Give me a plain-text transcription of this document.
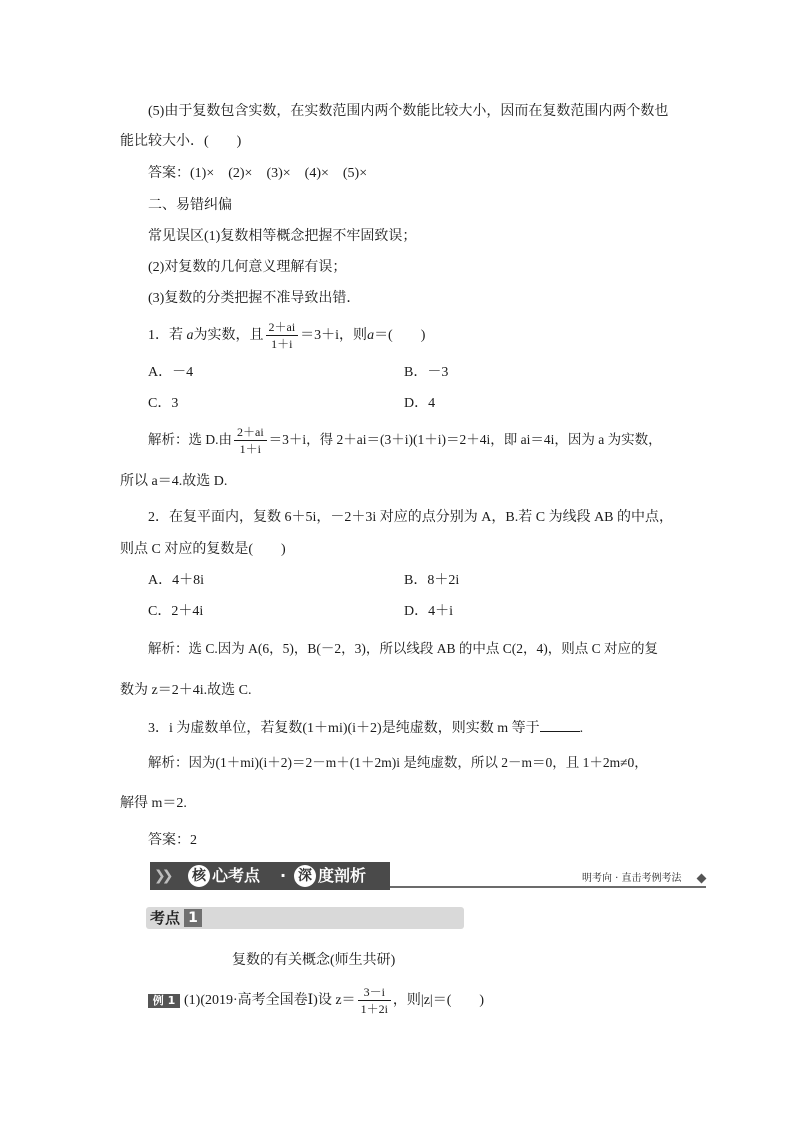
(5)由于复数包含实数，在实数范围内两个数能比较大小，因而在复数范围内两个数也
能比较大小．(　　)
答案：(1)×　(2)×　(3)×　(4)×　(5)×
二、易错纠偏
常见误区(1)复数相等概念把握不牢固致误；
(2)对复数的几何意义理解有误；
(3)复数的分类把握不准导致出错．
1．若 a为实数，且 $\frac{2+ai}{1+i} =3+i$，则a＝(　　)
A．－4	B．－3
C．3	D．4
解析：选 D.由 $\frac{2+ai}{1+i} =3+i$，得 2＋ai＝(3＋i)(1＋i)＝2＋4i，即 ai＝4i，因为 a 为实数，
所以 a＝4.故选 D.
2．在复平面内，复数 6＋5i，－2＋3i 对应的点分别为 A，B.若 C 为线段 AB 的中点，
则点 C 对应的复数是(　　)
A．4＋8i	B．8＋2i
C．2＋4i	D．4＋i
解析：选 C.因为 A(6，5)，B(－2，3)，所以线段 AB 的中点 C(2，4)，则点 C 对应的复
数为 z＝2＋4i.故选 C.
3．i 为虚数单位，若复数(1＋mi)(i＋2)是纯虚数，则实数 m 等于	.
解析：因为(1＋mi)(i＋2)＝2－m＋(1＋2m)i 是纯虚数，所以 2－m＝0，且 1＋2m≠0，
解得 m＝2.
答案：2
❯❯ 核 心考点 · 深 度剖析	明考向 · 直击考例考法
考点 1
复数的有关概念(师生共研)
例 1 (1)(2019·高考全国卷Ⅰ)设 $z= \frac{3-i}{1+2i}$ ，则|z|＝(　　)
